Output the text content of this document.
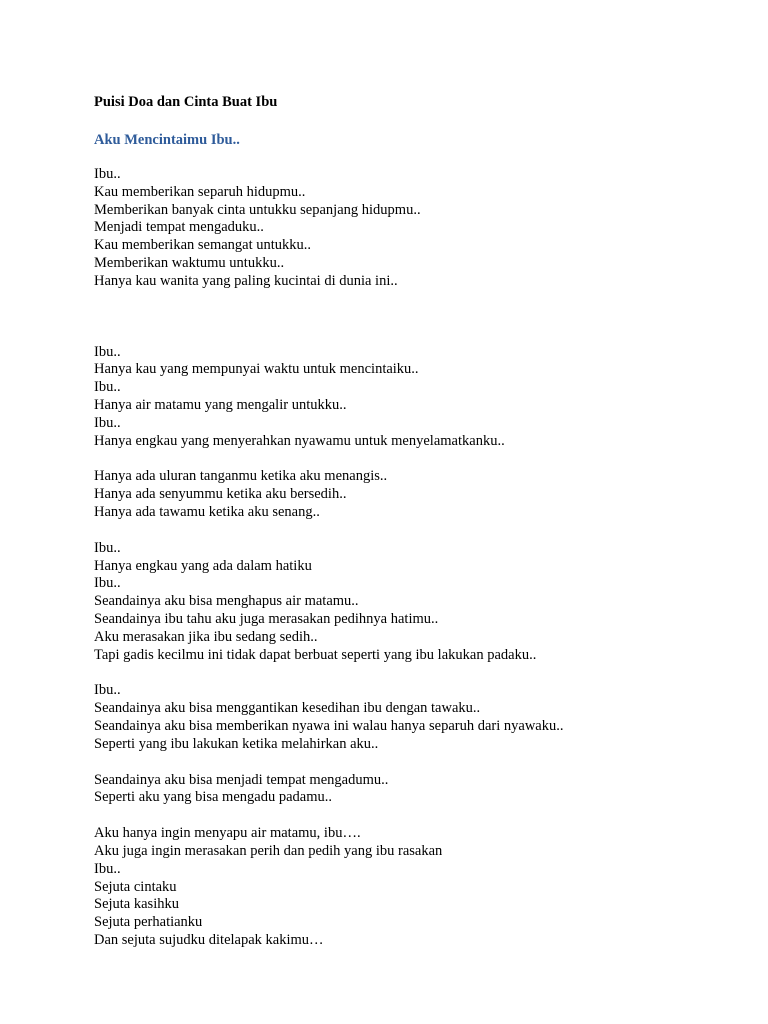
Puisi Doa dan Cinta Buat Ibu
Aku Mencintaimu Ibu..
Ibu..
Kau memberikan separuh hidupmu..
Memberikan banyak cinta untukku sepanjang hidupmu..
Menjadi tempat mengaduku..
Kau memberikan semangat untukku..
Memberikan waktumu untukku..
Hanya kau wanita yang paling kucintai di dunia ini..
Ibu..
Hanya kau yang mempunyai waktu untuk mencintaiku..
Ibu..
Hanya air matamu yang mengalir untukku..
Ibu..
Hanya engkau yang menyerahkan nyawamu untuk menyelamatkanku..
Hanya ada uluran tanganmu ketika aku menangis..
Hanya ada senyummu ketika aku bersedih..
Hanya ada tawamu ketika aku senang..
Ibu..
Hanya engkau yang ada dalam hatiku
Ibu..
Seandainya aku bisa menghapus air matamu..
Seandainya ibu tahu aku juga merasakan pedihnya hatimu..
Aku merasakan jika ibu sedang sedih..
Tapi gadis kecilmu ini tidak dapat berbuat seperti yang ibu lakukan padaku..
Ibu..
Seandainya aku bisa menggantikan kesedihan ibu dengan tawaku..
Seandainya aku bisa memberikan nyawa ini walau hanya separuh dari nyawaku..
Seperti yang ibu lakukan ketika melahirkan aku..
Seandainya aku bisa menjadi tempat mengadumu..
Seperti aku yang bisa mengadu padamu..
Aku hanya ingin menyapu air matamu, ibu….
Aku juga ingin merasakan perih dan pedih yang ibu rasakan
Ibu..
Sejuta cintaku
Sejuta kasihku
Sejuta perhatianku
Dan sejuta sujudku ditelapak kakimu…
